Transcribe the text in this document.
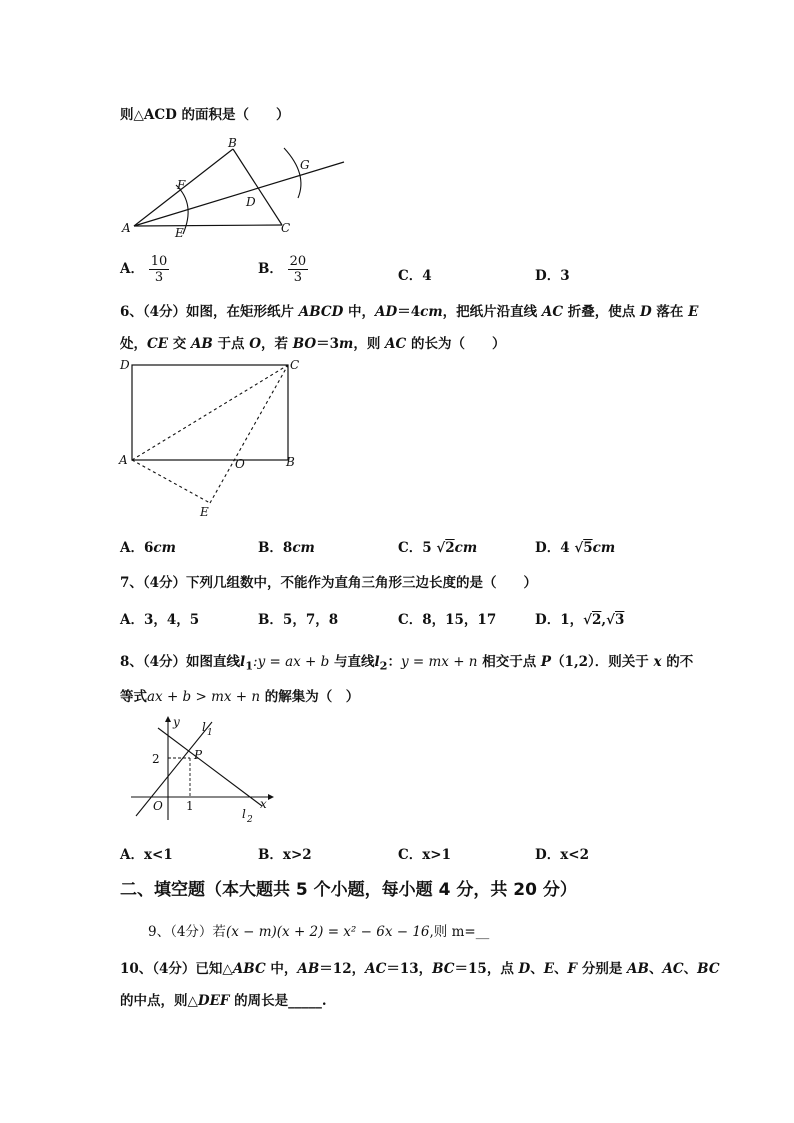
则△ACD 的面积是（　　）
A
B
C
D
E
F
G
A． $\frac{10}{3}$	B． $\frac{20}{3}$	C．4	D．3
6、（4分）如图，在矩形纸片 ABCD 中，AD＝4cm，把纸片沿直线 AC 折叠，使点 D 落在 E
处，CE 交 AB 于点 O，若 BO＝3m，则 AC 的长为（　　）
D	C
A	B
O
E
A．6cm	B．8cm	C．5 √2cm	D．4 √5cm
7、（4分）下列几组数中，不能作为直角三角形三边长度的是（　　）
A．3，4，5	B．5，7，8	C．8，15，17	D．1，√2,√3
8、（4分）如图直线$l_1:y$ = ax + b 与直线$l_2$：y = mx + n 相交于点 P（1,2）．则关于 x 的不
等式ax + b > mx + n 的解集为（　）
y
x
O
P
2
1
l 1
l 2
A．x<1	B．x>2	C．x>1	D．x<2
二、填空题（本大题共 5 个小题，每小题 4 分，共 20 分）
9、（4分）若(x − m)(x + 2) = x² − 6x − 16,则 m=__
10、（4分）已知△ABC 中，AB＝12，AC＝13，BC＝15，点 D、E、F 分别是 AB、AC、BC
的中点，则△DEF 的周长是_____.
